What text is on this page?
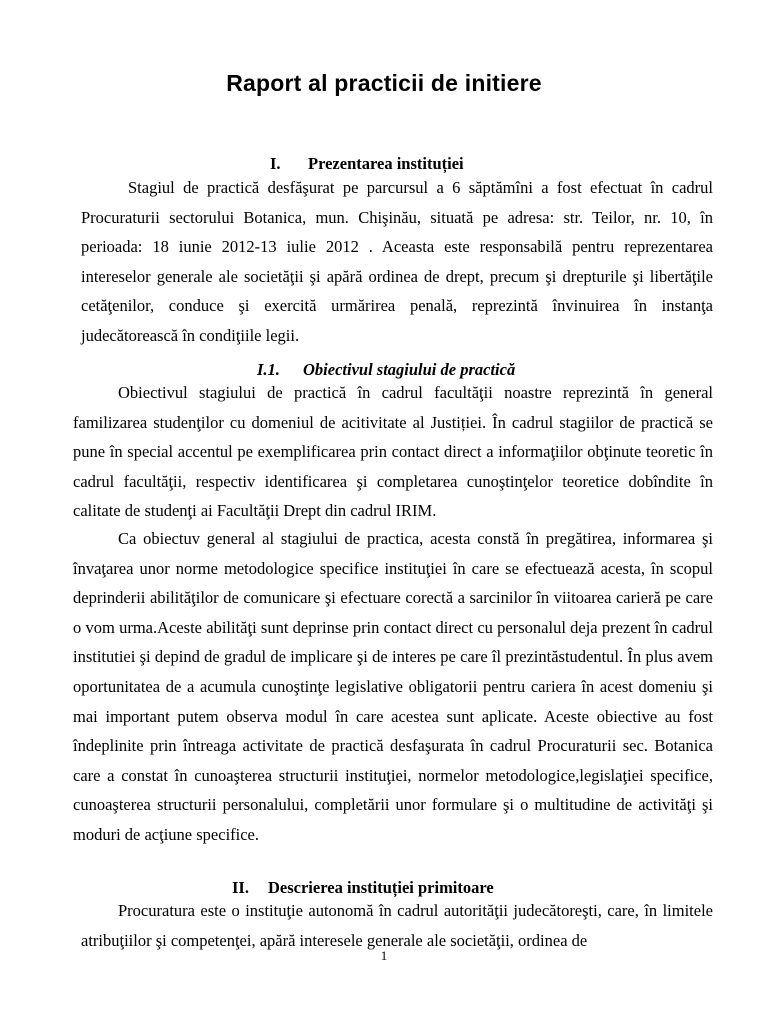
Raport al practicii de initiere
I. Prezentarea instituției

Stagiul de practică desfăşurat pe parcursul a 6 săptămîni a fost efectuat în cadrul Procuraturii sectorului Botanica, mun. Chişinău, situată pe adresa: str. Teilor, nr. 10, în perioada: 18 iunie 2012-13 iulie 2012 . Aceasta este responsabilă pentru reprezentarea intereselor generale ale societăţii şi apără ordinea de drept, precum şi drepturile şi libertăţile cetăţenilor, conduce şi exercită urmărirea penală, reprezintă învinuirea în instanţa judecătorească în condiţiile legii.

I.1. Obiectivul stagiului de practică

Obiectivul stagiului de practică în cadrul facultăţii noastre reprezintă în general familizarea studenţilor cu domeniul de acitivitate al Justiției. În cadrul stagiilor de practică se pune în special accentul pe exemplificarea prin contact direct a informaţiilor obţinute teoretic în cadrul facultăţii, respectiv identificarea şi completarea cunoştinţelor teoretice dobîndite în calitate de studenţi ai Facultăţii Drept din cadrul IRIM.

Ca obiectuv general al stagiului de practica, acesta constă în pregătirea, informarea şi învaţarea unor norme metodologice specifice instituţiei în care se efectuează acesta, în scopul deprinderii abilităţilor de comunicare şi efectuare corectă a sarcinilor în viitoarea carieră pe care o vom urma.Aceste abilităţi sunt deprinse prin contact direct cu personalul deja prezent în cadrul institutiei şi depind de gradul de implicare şi de interes pe care îl prezintăstudentul. În plus avem oportunitatea de a acumula cunoştinţe legislative obligatorii pentru cariera în acest domeniu şi mai important putem observa modul în care acestea sunt aplicate. Aceste obiective au fost îndeplinite prin întreaga activitate de practică desfaşurata în cadrul Procuraturii sec. Botanica care a constat în cunoaşterea structurii instituţiei, normelor metodologice,legislaţiei specifice, cunoaşterea structurii personalului, completării unor formulare şi o multitudine de activităţi şi moduri de acţiune specifice.

II. Descrierea instituției primitoare

Procuratura este o instituţie autonomă în cadrul autorităţii judecătoreşti, care, în limitele atribuţiilor şi competenţei, apără interesele generale ale societăţii, ordinea de

1
